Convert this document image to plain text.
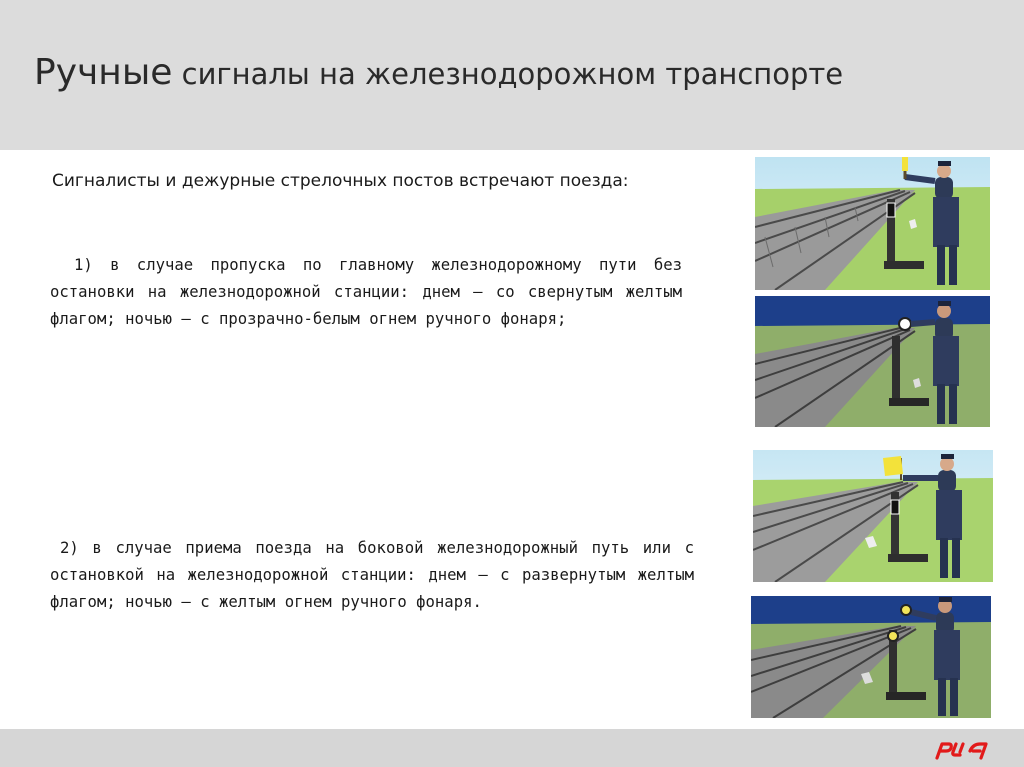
Ручные сигналы на железнодорожном транспорте
Сигналисты и дежурные стрелочных постов встречают поезда:
1) в случае пропуска по главному железнодорожному пути без остановки на железнодорожной станции: днем – со свернутым желтым флагом; ночью – с прозрачно-белым огнем ручного фонаря;
2) в случае приема поезда на боковой железнодорожный путь или с остановкой на железнодорожной станции: днем – с развернутым желтым флагом; ночью – с желтым огнем ручного фонаря.
